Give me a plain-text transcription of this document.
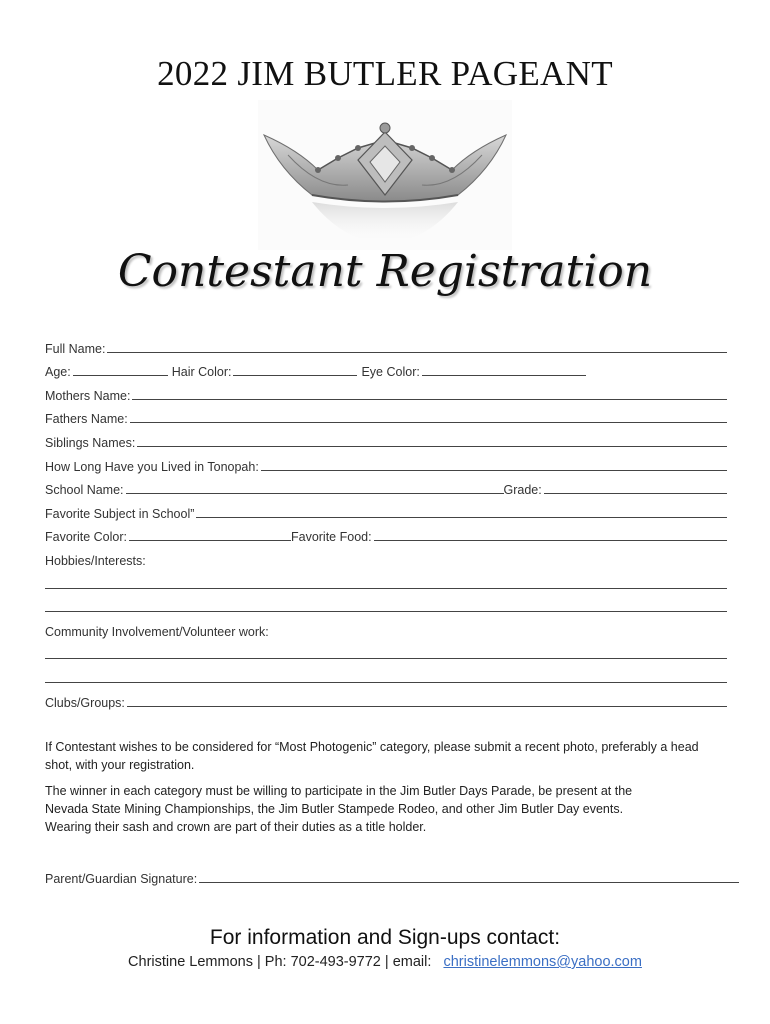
2022 JIM BUTLER PAGEANT
Contestant Registration
Full Name:
Age:	Hair Color:	Eye Color:
Mothers Name:
Fathers Name:
Siblings Names:
How Long Have you Lived in Tonopah:
School Name:	Grade:
Favorite Subject in School”
Favorite Color:	Favorite Food:
Hobbies/Interests:
Community Involvement/Volunteer work:
Clubs/Groups:
If Contestant wishes to be considered for “Most Photogenic” category, please submit a recent photo, preferably a head shot, with your registration.
The winner in each category must be willing to participate in the Jim Butler Days Parade, be present at the Nevada State Mining Championships, the Jim Butler Stampede Rodeo, and other Jim Butler Day events. Wearing their sash and crown are part of their duties as a title holder.
Parent/Guardian Signature:
For information and Sign-ups contact:
Christine Lemmons | Ph: 702-493-9772 | email: christinelemmons@yahoo.com
